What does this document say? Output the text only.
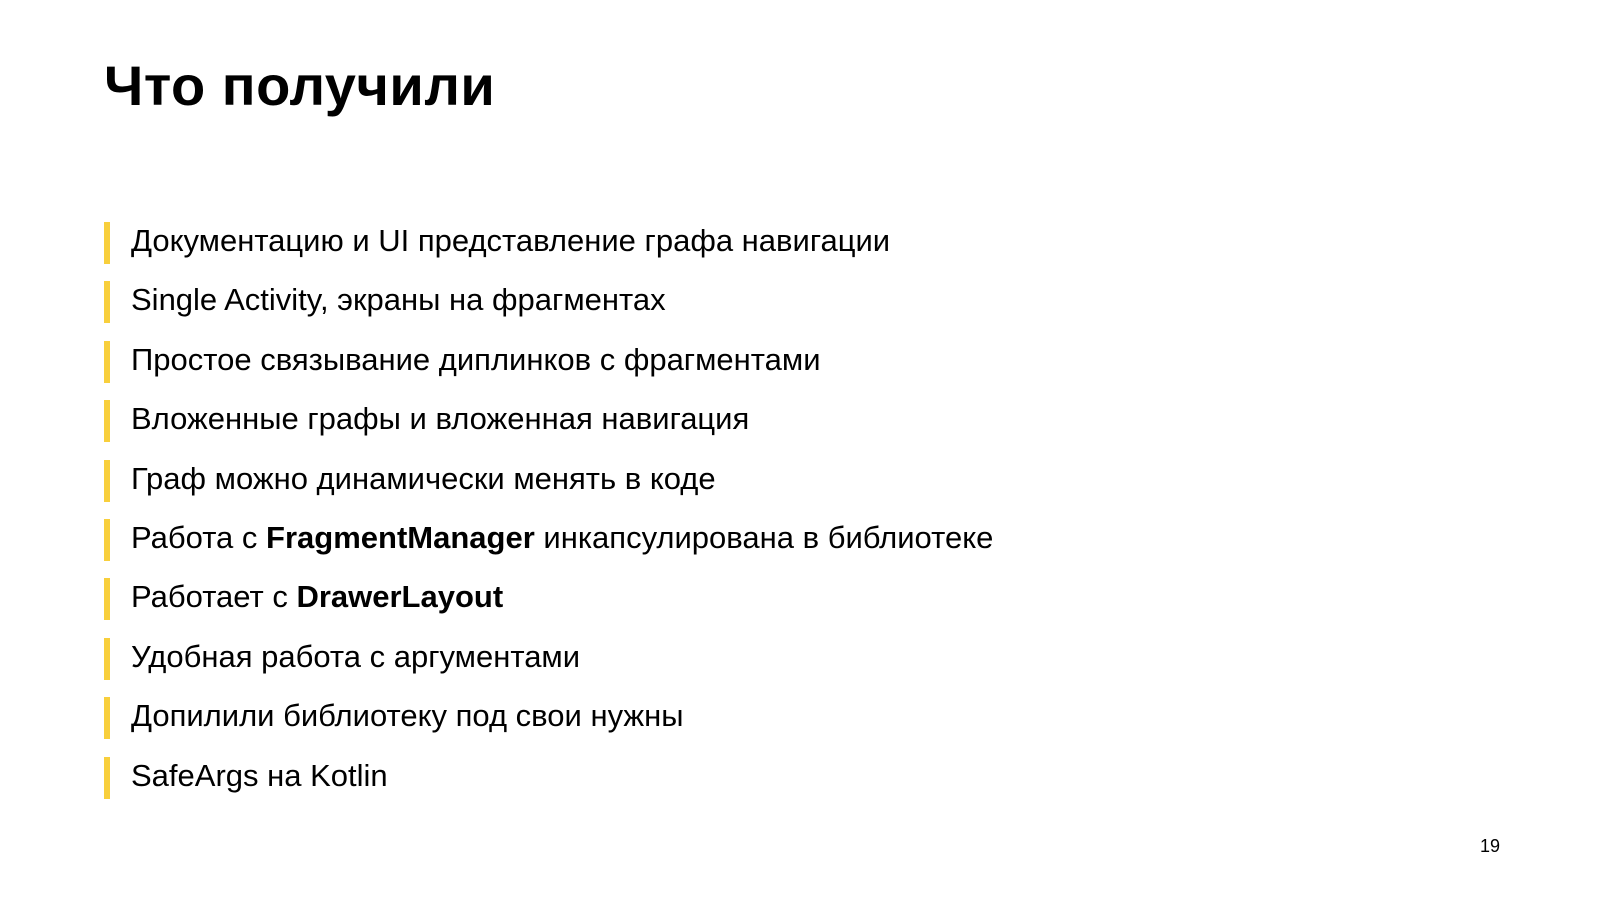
Что получили
Документацию и UI представление графа навигации
Single Activity, экраны на фрагментах
Простое связывание диплинков с фрагментами
Вложенные графы и вложенная навигация
Граф можно динамически менять в коде
Работа с FragmentManager инкапсулирована в библиотеке
Работает с DrawerLayout
Удобная работа с аргументами
Допилили библиотеку под свои нужны
SafeArgs на Kotlin
19
